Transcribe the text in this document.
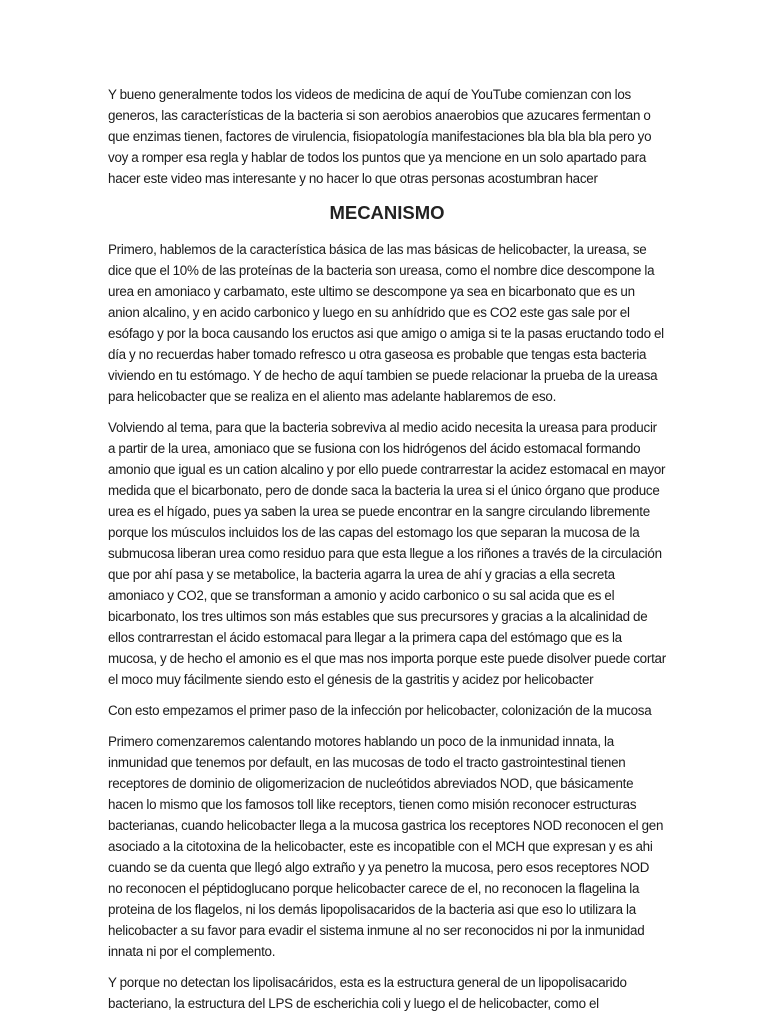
Y bueno generalmente todos los videos de medicina de aquí de YouTube comienzan con los generos, las características de la bacteria si son aerobios anaerobios que azucares fermentan o que enzimas tienen, factores de virulencia, fisiopatología manifestaciones bla bla bla bla pero yo voy a romper esa regla y hablar de todos los puntos que ya mencione en un solo apartado para hacer este video mas interesante y no hacer lo que otras personas acostumbran hacer

MECANISMO

Primero, hablemos de la característica básica de las mas básicas de helicobacter, la ureasa, se dice que el 10% de las proteínas de la bacteria son ureasa, como el nombre dice descompone la urea en amoniaco y carbamato, este ultimo se descompone ya sea en bicarbonato que es un anion alcalino, y en acido carbonico y luego en su anhídrido que es CO2 este gas sale por el esófago y por la boca causando los eructos asi que amigo o amiga si te la pasas eructando todo el día y no recuerdas haber tomado refresco u otra gaseosa es probable que tengas esta bacteria viviendo en tu estómago. Y de hecho de aquí tambien se puede relacionar la prueba de la ureasa para helicobacter que se realiza en el aliento mas adelante hablaremos de eso.

Volviendo al tema, para que la bacteria sobreviva al medio acido necesita la ureasa para producir a partir de la urea, amoniaco que se fusiona con los hidrógenos del ácido estomacal formando amonio que igual es un cation alcalino y por ello puede contrarrestar la acidez estomacal en mayor medida que el bicarbonato, pero de donde saca la bacteria la urea si el único órgano que produce urea es el hígado, pues ya saben la urea se puede encontrar en la sangre circulando libremente porque los músculos incluidos los de las capas del estomago los que separan la mucosa de la submucosa liberan urea como residuo para que esta llegue a los riñones a través de la circulación que por ahí pasa y se metabolice, la bacteria agarra la urea de ahí y gracias a ella secreta amoniaco y CO2, que se transforman a amonio y acido carbonico o su sal acida que es el bicarbonato, los tres ultimos son más estables que sus precursores y gracias a la alcalinidad de ellos contrarrestan el ácido estomacal para llegar a la primera capa del estómago que es la mucosa, y de hecho el amonio es el que mas nos importa porque este puede disolver puede cortar el moco muy fácilmente siendo esto el génesis de la gastritis y acidez por helicobacter

Con esto empezamos el primer paso de la infección por helicobacter, colonización de la mucosa

Primero comenzaremos calentando motores hablando un poco de la inmunidad innata, la inmunidad que tenemos por default, en las mucosas de todo el tracto gastrointestinal tienen receptores de dominio de oligomerizacion de nucleótidos abreviados NOD, que básicamente hacen lo mismo que los famosos toll like receptors, tienen como misión reconocer estructuras bacterianas, cuando helicobacter llega a la mucosa gastrica los receptores NOD reconocen el gen asociado a la citotoxina de la helicobacter, este es incopatible con el MCH que expresan y es ahi cuando se da cuenta que llegó algo extraño y ya penetro la mucosa, pero esos receptores NOD no reconocen el péptidoglucano porque helicobacter carece de el, no reconocen la flagelina la proteina de los flagelos, ni los demás lipopolisacaridos de la bacteria asi que eso lo utilizara la helicobacter a su favor para evadir el sistema inmune al no ser reconocidos ni por la inmunidad innata ni por el complemento.

Y porque no detectan los lipolisacáridos, esta es la estructura general de un lipopolisacarido bacteriano, la estructura del LPS de escherichia coli y luego el de helicobacter, como el
